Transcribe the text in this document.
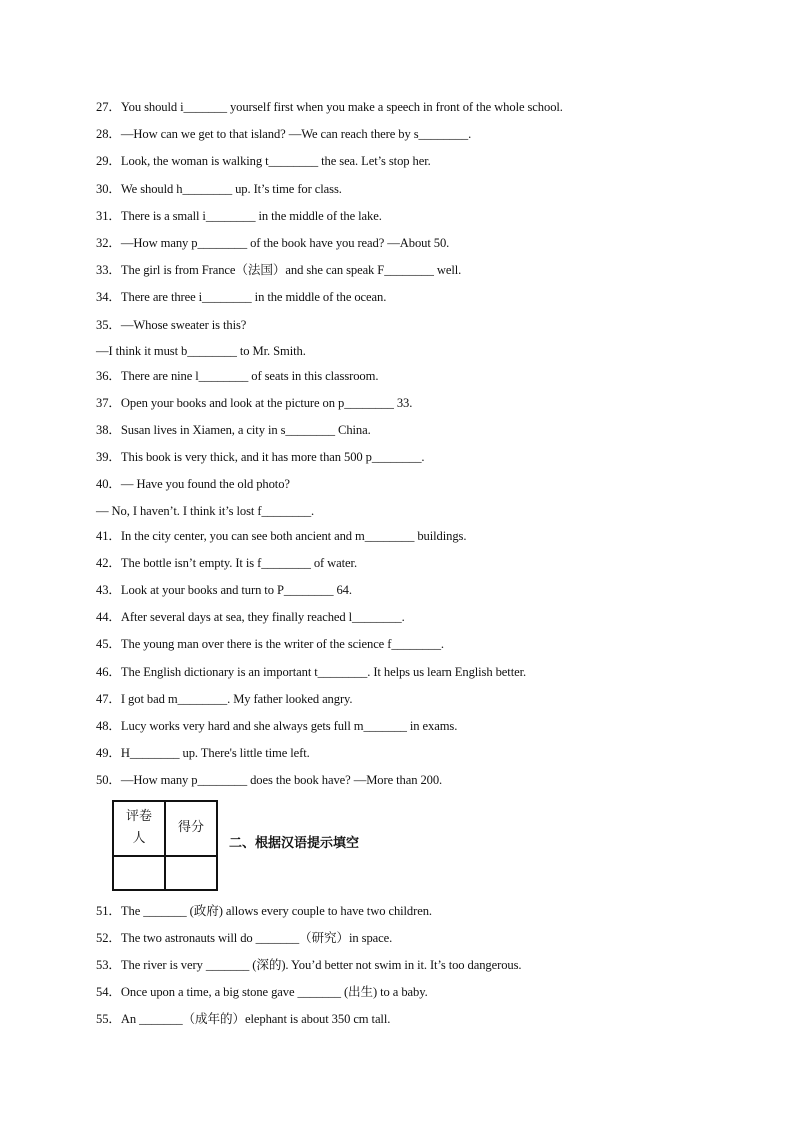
27．You should i_______ yourself first when you make a speech in front of the whole school.
28．—How can we get to that island? —We can reach there by s________.
29．Look, the woman is walking t________ the sea. Let’s stop her.
30．We should h________ up. It’s time for class.
31．There is a small i________ in the middle of the lake.
32．—How many p________ of the book have you read? —About 50.
33．The girl is from France（法国）and she can speak F________ well.
34．There are three i________ in the middle of the ocean.
35．—Whose sweater is this?
—I think it must b________ to Mr. Smith.
36．There are nine l________ of seats in this classroom.
37．Open your books and look at the picture on p________ 33.
38．Susan lives in Xiamen, a city in s________ China.
39．This book is very thick, and it has more than 500 p________.
40．— Have you found the old photo?
— No, I haven’t. I think it’s lost f________.
41．In the city center, you can see both ancient and m________ buildings.
42．The bottle isn’t empty. It is f________ of water.
43．Look at your books and turn to P________ 64.
44．After several days at sea, they finally reached l________.
45．The young man over there is the writer of the science f________.
46．The English dictionary is an important t________. It helps us learn English better.
47．I got bad m________. My father looked angry.
48．Lucy works very hard and she always gets full m_______ in exams.
49．H________ up. There's little time left.
50．—How many p________ does the book have? —More than 200.
评卷人	得分

二、根据汉语提示填空
51．The _______ (政府) allows every couple to have two children.
52．The two astronauts will do _______（研究）in space.
53．The river is very _______ (深的). You’d better not swim in it. It’s too dangerous.
54．Once upon a time, a big stone gave _______ (出生) to a baby.
55．An _______（成年的）elephant is about 350 cm tall.
